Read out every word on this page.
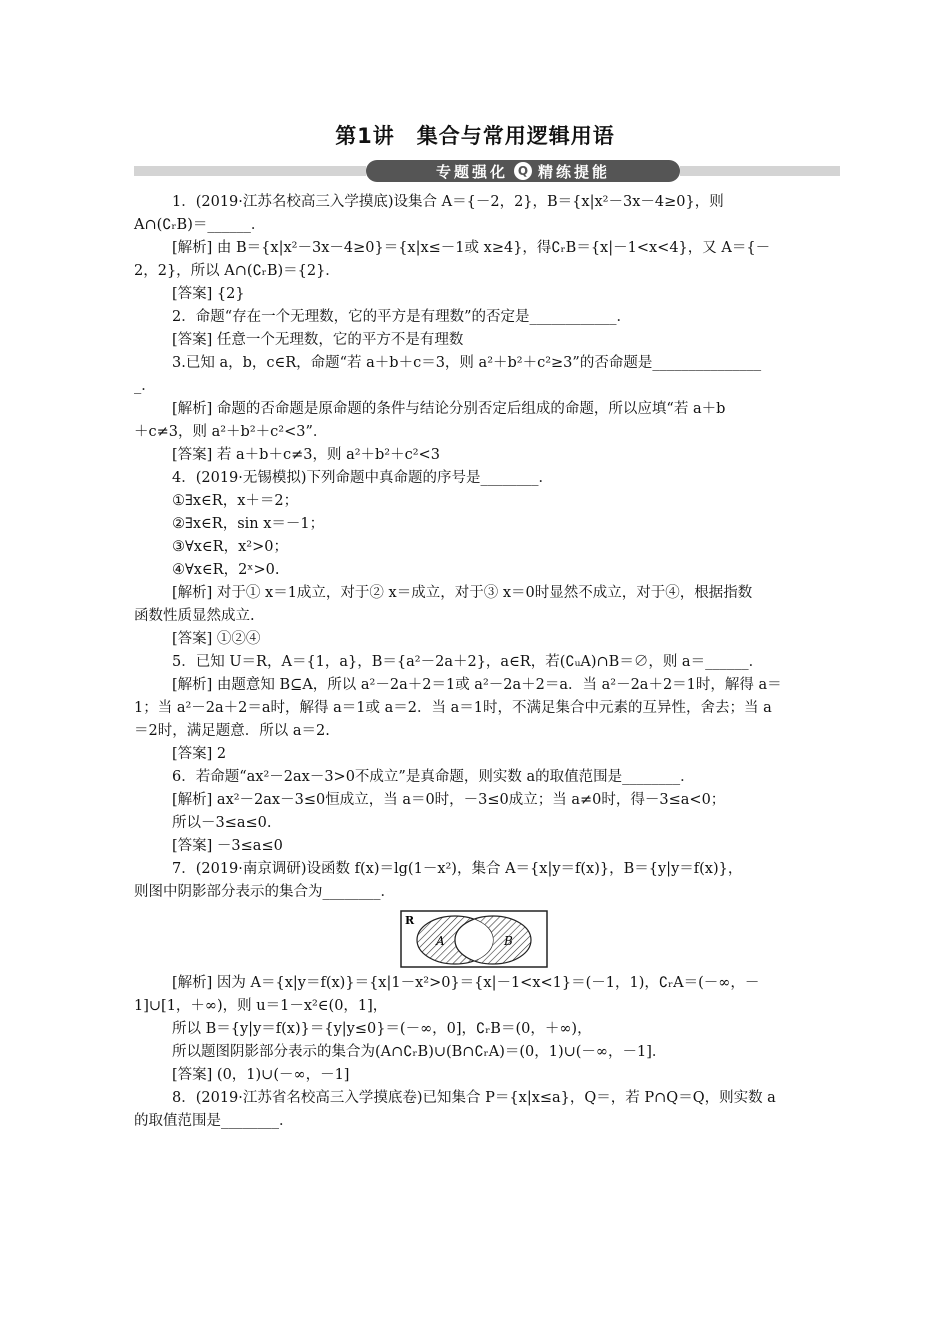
第1讲　集合与常用逻辑用语
专题强化 Q 精练提能

1．(2019·江苏名校高三入学摸底)设集合 A＝{－2，2}，B＝{x|x²－3x－4≥0}，则

A∩(∁ᵣB)＝______．

[解析] 由 B＝{x|x²－3x－4≥0}＝{x|x≤－1或 x≥4}，得∁ᵣB＝{x|－1<x<4}，又 A＝{－

2，2}，所以 A∩(∁ᵣB)＝{2}．

[答案] {2}

2．命题“存在一个无理数，它的平方是有理数”的否定是____________．

[答案] 任意一个无理数，它的平方不是有理数

3.已知 a，b，c∈R，命题“若 a＋b＋c＝3，则 a²＋b²＋c²≥3”的否命题是_______________

_．

[解析] 命题的否命题是原命题的条件与结论分别否定后组成的命题，所以应填“若 a＋b

＋c≠3，则 a²＋b²＋c²<3”．

[答案] 若 a＋b＋c≠3，则 a²＋b²＋c²<3

4．(2019·无锡模拟)下列命题中真命题的序号是________．

①∃x∈R，x＋＝2；

②∃x∈R，sin x＝－1；

③∀x∈R，x²>0；

④∀x∈R，2ˣ>0.

[解析] 对于① x＝1成立，对于② x＝成立，对于③ x＝0时显然不成立，对于④，根据指数

函数性质显然成立.

[答案] ①②④

5．已知 U＝R，A＝{1，a}，B＝{a²－2a＋2}，a∈R，若(∁ᵤA)∩B＝∅，则 a＝______．

[解析] 由题意知 B⊆A，所以 a²－2a＋2＝1或 a²－2a＋2＝a．当 a²－2a＋2＝1时，解得 a＝

1；当 a²－2a＋2＝a时，解得 a＝1或 a＝2．当 a＝1时，不满足集合中元素的互异性，舍去；当 a

＝2时，满足题意．所以 a＝2.

[答案] 2

6．若命题“ax²－2ax－3>0不成立”是真命题，则实数 a的取值范围是________．

[解析] ax²－2ax－3≤0恒成立，当 a＝0时，－3≤0成立；当 a≠0时，得－3≤a<0；

所以－3≤a≤0.

[答案] －3≤a≤0

7．(2019·南京调研)设函数 f(x)＝lg(1－x²)，集合 A＝{x|y＝f(x)}，B＝{y|y＝f(x)}，

则图中阴影部分表示的集合为________．

R
A	B

[解析] 因为 A＝{x|y＝f(x)}＝{x|1－x²>0}＝{x|－1<x<1}＝(－1，1)，∁ᵣA＝(－∞，－

1]∪[1，＋∞)，则 u＝1－x²∈(0，1]，

所以 B＝{y|y＝f(x)}＝{y|y≤0}＝(－∞，0]，∁ᵣB＝(0，＋∞)，

所以题图阴影部分表示的集合为(A∩∁ᵣB)∪(B∩∁ᵣA)＝(0，1)∪(－∞，－1]．

[答案] (0，1)∪(－∞，－1]

8．(2019·江苏省名校高三入学摸底卷)已知集合 P＝{x|x≤a}，Q＝，若 P∩Q＝Q，则实数 a

的取值范围是________．
